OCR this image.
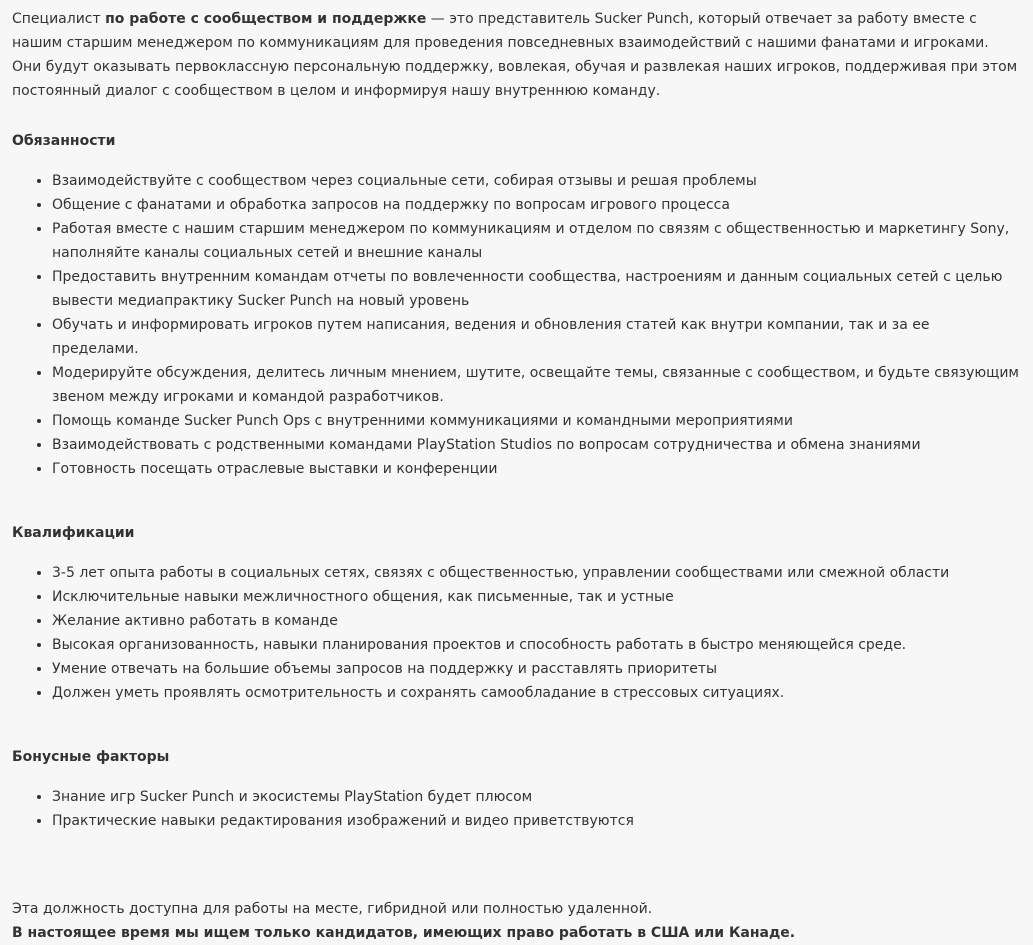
Специалист по работе с сообществом и поддержке — это представитель Sucker Punch, который отвечает за работу вместе с нашим старшим менеджером по коммуникациям для проведения повседневных взаимодействий с нашими фанатами и игроками. Они будут оказывать первоклассную персональную поддержку, вовлекая, обучая и развлекая наших игроков, поддерживая при этом постоянный диалог с сообществом в целом и информируя нашу внутреннюю команду.

Обязанности
• Взаимодействуйте с сообществом через социальные сети, собирая отзывы и решая проблемы
• Общение с фанатами и обработка запросов на поддержку по вопросам игрового процесса
• Работая вместе с нашим старшим менеджером по коммуникациям и отделом по связям с общественностью и маркетингу Sony, наполняйте каналы социальных сетей и внешние каналы
• Предоставить внутренним командам отчеты по вовлеченности сообщества, настроениям и данным социальных сетей с целью вывести медиапрактику Sucker Punch на новый уровень
• Обучать и информировать игроков путем написания, ведения и обновления статей как внутри компании, так и за ее пределами.
• Модерируйте обсуждения, делитесь личным мнением, шутите, освещайте темы, связанные с сообществом, и будьте связующим звеном между игроками и командой разработчиков.
• Помощь команде Sucker Punch Ops с внутренними коммуникациями и командными мероприятиями
• Взаимодействовать с родственными командами PlayStation Studios по вопросам сотрудничества и обмена знаниями
• Готовность посещать отраслевые выставки и конференции
Квалификации
• 3-5 лет опыта работы в социальных сетях, связях с общественностью, управлении сообществами или смежной области
• Исключительные навыки межличностного общения, как письменные, так и устные
• Желание активно работать в команде
• Высокая организованность, навыки планирования проектов и способность работать в быстро меняющейся среде.
• Умение отвечать на большие объемы запросов на поддержку и расставлять приоритеты
• Должен уметь проявлять осмотрительность и сохранять самообладание в стрессовых ситуациях.
Бонусные факторы
• Знание игр Sucker Punch и экосистемы PlayStation будет плюсом
• Практические навыки редактирования изображений и видео приветствуются

Эта должность доступна для работы на месте, гибридной или полностью удаленной.

В настоящее время мы ищем только кандидатов, имеющих право работать в США или Канаде.
